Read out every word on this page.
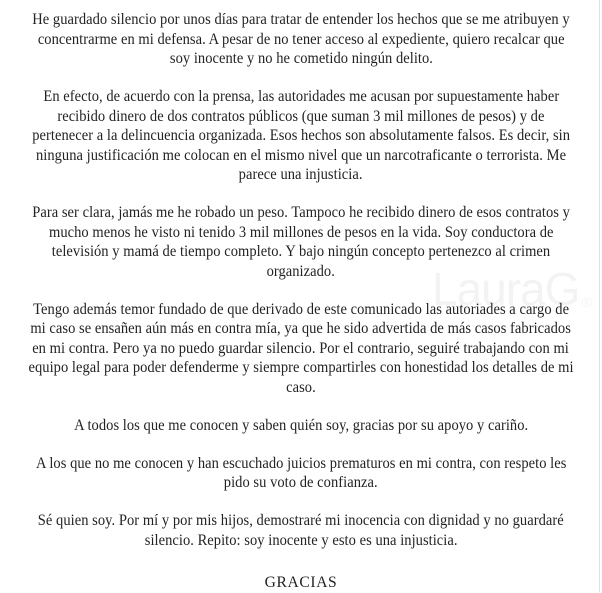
LauraG ®

He guardado silencio por unos días para tratar de entender los hechos que se me atribuyen y
concentrarme en mi defensa. A pesar de no tener acceso al expediente, quiero recalcar que
soy inocente y no he cometido ningún delito.

En efecto, de acuerdo con la prensa, las autoridades me acusan por supuestamente haber
recibido dinero de dos contratos públicos (que suman 3 mil millones de pesos) y de
pertenecer a la delincuencia organizada. Esos hechos son absolutamente falsos. Es decir, sin
ninguna justificación me colocan en el mismo nivel que un narcotraficante o terrorista. Me
parece una injusticia.

Para ser clara, jamás me he robado un peso. Tampoco he recibido dinero de esos contratos y
mucho menos he visto ni tenido 3 mil millones de pesos en la vida. Soy conductora de
televisión y mamá de tiempo completo. Y bajo ningún concepto pertenezco al crimen
organizado.

Tengo además temor fundado de que derivado de este comunicado las autoriades a cargo de
mi caso se ensañen aún más en contra mía, ya que he sido advertida de más casos fabricados
en mi contra. Pero ya no puedo guardar silencio. Por el contrario, seguiré trabajando con mi
equipo legal para poder defenderme y siempre compartirles con honestidad los detalles de mi
caso.

A todos los que me conocen y saben quién soy, gracias por su apoyo y cariño.

A los que no me conocen y han escuchado juicios prematuros en mi contra, con respeto les
pido su voto de confianza.

Sé quien soy. Por mí y por mis hijos, demostraré mi inocencia con dignidad y no guardaré
silencio. Repito: soy inocente y esto es una injusticia.

GRACIAS
